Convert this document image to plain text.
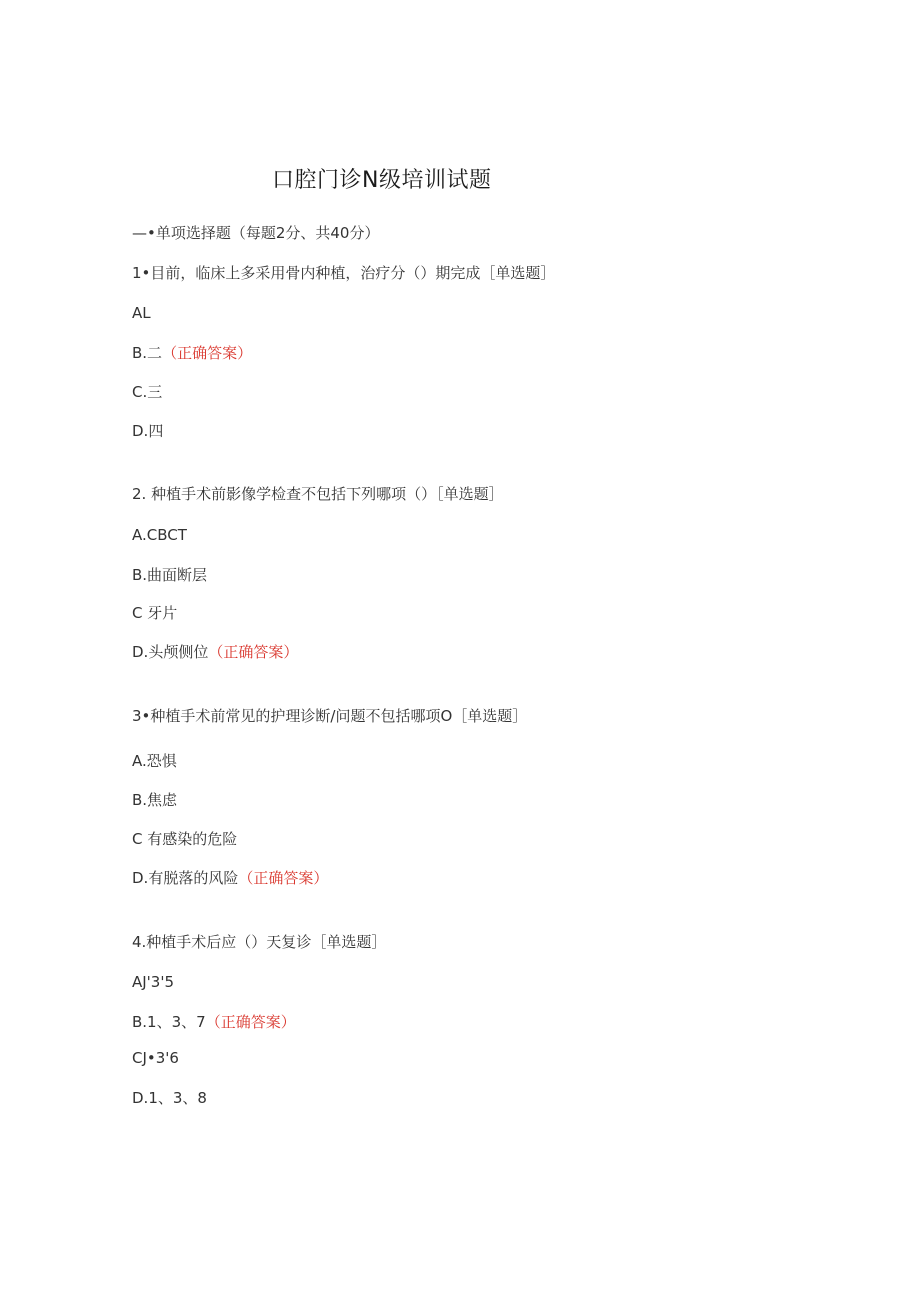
口腔门诊N级培训试题
—•单项选择题（每题2分、共40分）
1•目前，临床上多采用骨内种植，治疗分（）期完成［单选题］
AL
B.二（正确答案）
C.三
D.四
2. 种植手术前影像学检查不包括下列哪项（）［单选题］
A.CBCT
B.曲面断层
C 牙片
D.头颅侧位（正确答案）
3•种植手术前常见的护理诊断/问题不包括哪项O［单选题］
A.恐惧
B.焦虑
C 有感染的危险
D.有脱落的风险（正确答案）
4.种植手术后应（）天复诊［单选题］
AJ'3'5
B.1、3、7（正确答案）
CJ•3'6
D.1、3、8
